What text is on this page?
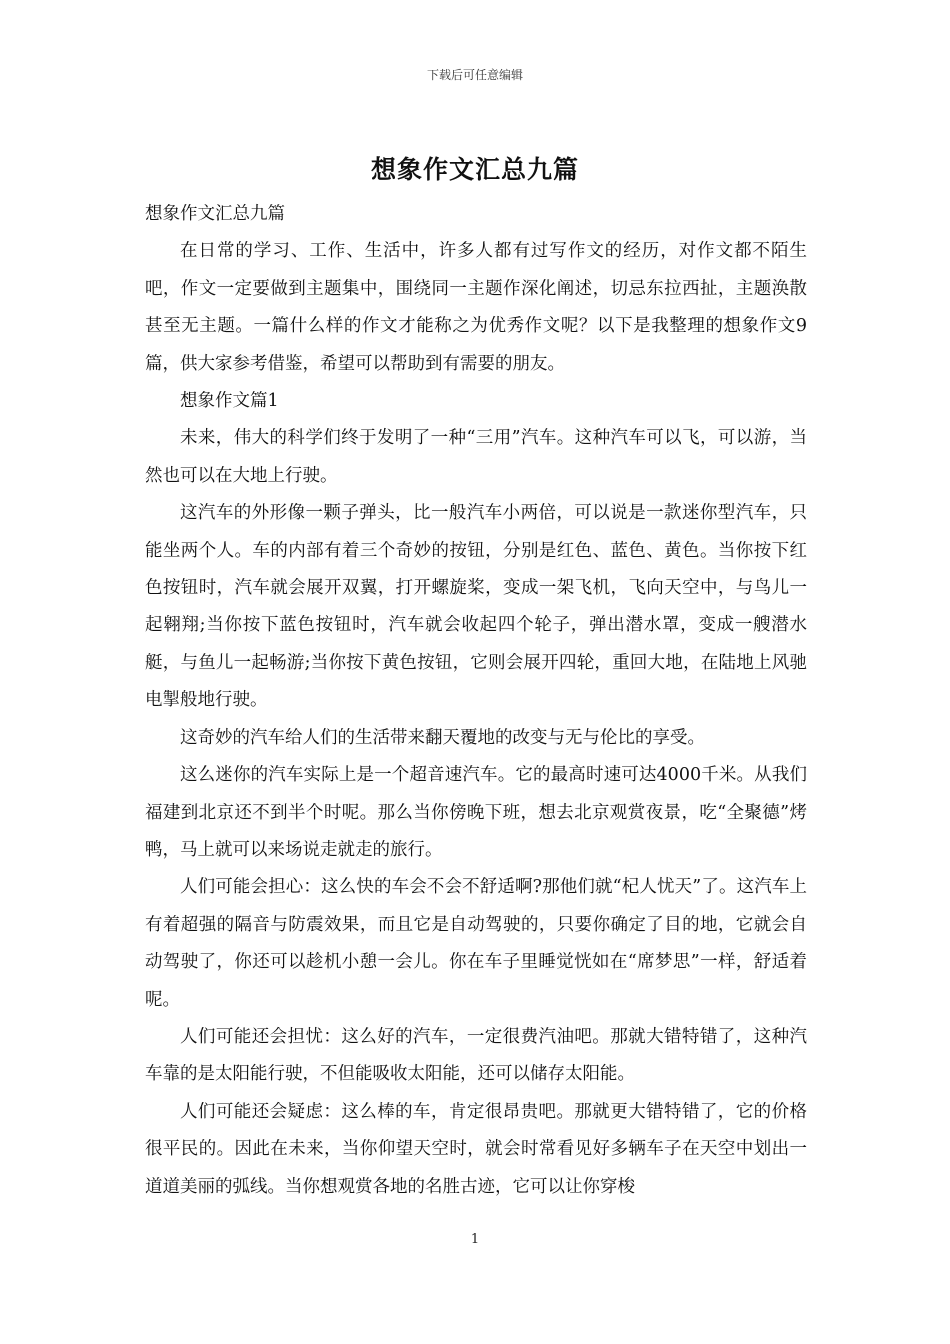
下载后可任意编辑
想象作文汇总九篇

想象作文汇总九篇

在日常的学习、工作、生活中，许多人都有过写作文的经历，对作文都不陌生吧，作文一定要做到主题集中，围绕同一主题作深化阐述，切忌东拉西扯，主题涣散甚至无主题。一篇什么样的作文才能称之为优秀作文呢？以下是我整理的想象作文9篇，供大家参考借鉴，希望可以帮助到有需要的朋友。

想象作文篇1

未来，伟大的科学们终于发明了一种“三用”汽车。这种汽车可以飞，可以游，当然也可以在大地上行驶。

这汽车的外形像一颗子弹头，比一般汽车小两倍，可以说是一款迷你型汽车，只能坐两个人。车的内部有着三个奇妙的按钮，分别是红色、蓝色、黄色。当你按下红色按钮时，汽车就会展开双翼，打开螺旋桨，变成一架飞机，飞向天空中，与鸟儿一起翱翔;当你按下蓝色按钮时，汽车就会收起四个轮子，弹出潜水罩，变成一艘潜水艇，与鱼儿一起畅游;当你按下黄色按钮，它则会展开四轮，重回大地，在陆地上风驰电掣般地行驶。

这奇妙的汽车给人们的生活带来翻天覆地的改变与无与伦比的享受。

这么迷你的汽车实际上是一个超音速汽车。它的最高时速可达4000千米。从我们福建到北京还不到半个时呢。那么当你傍晚下班，想去北京观赏夜景，吃“全聚德”烤鸭，马上就可以来场说走就走的旅行。

人们可能会担心：这么快的车会不会不舒适啊?那他们就“杞人忧天”了。这汽车上有着超强的隔音与防震效果，而且它是自动驾驶的，只要你确定了目的地，它就会自动驾驶了，你还可以趁机小憩一会儿。你在车子里睡觉恍如在“席梦思”一样，舒适着呢。

人们可能还会担忧：这么好的汽车，一定很费汽油吧。那就大错特错了，这种汽车靠的是太阳能行驶，不但能吸收太阳能，还可以储存太阳能。

人们可能还会疑虑：这么棒的车，肯定很昂贵吧。那就更大错特错了，它的价格很平民的。因此在未来，当你仰望天空时，就会时常看见好多辆车子在天空中划出一道道美丽的弧线。当你想观赏各地的名胜古迹，它可以让你穿梭

1
